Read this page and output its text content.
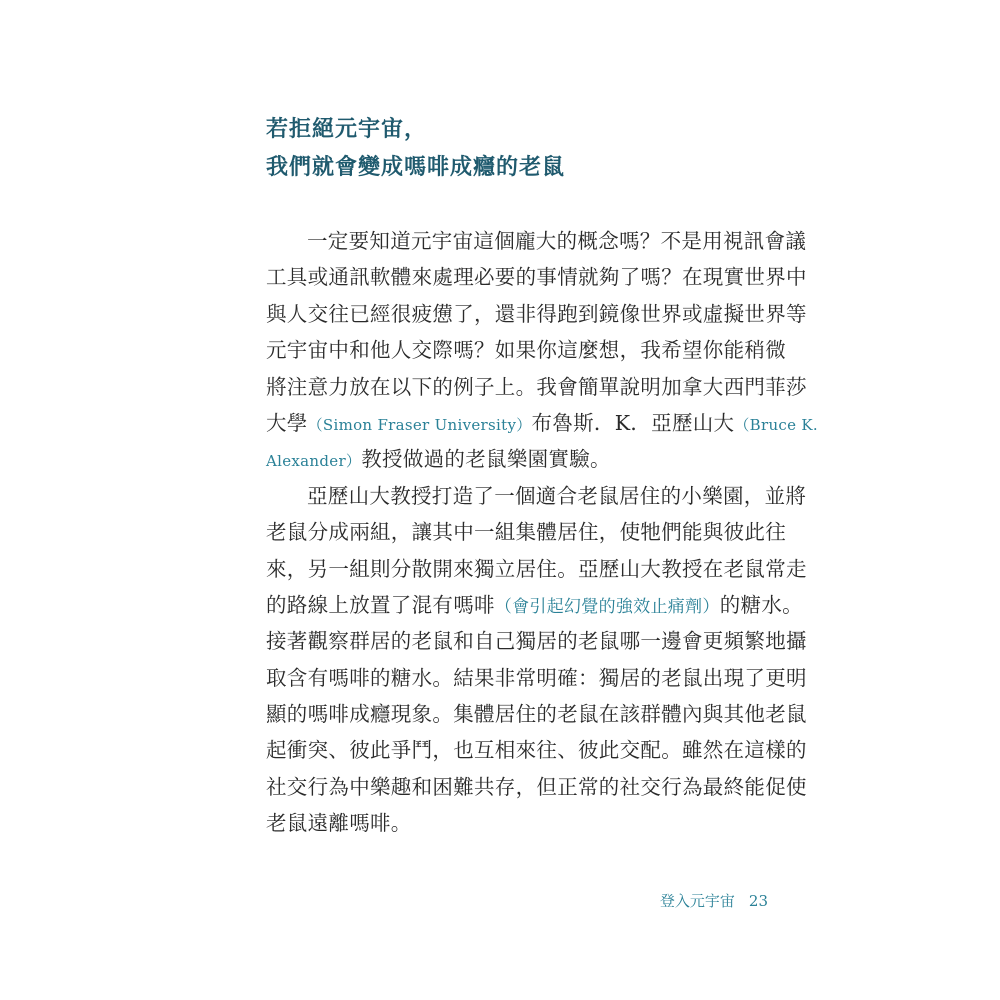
若拒絕元宇宙，
我們就會變成嗎啡成癮的老鼠
一定要知道元宇宙這個龐大的概念嗎？不是用視訊會議
工具或通訊軟體來處理必要的事情就夠了嗎？在現實世界中
與人交往已經很疲憊了，還非得跑到鏡像世界或虛擬世界等
元宇宙中和他人交際嗎？如果你這麼想，我希望你能稍微
將注意力放在以下的例子上。我會簡單說明加拿大西門菲莎
大學（Simon Fraser University）布魯斯．K．亞歷山大（Bruce K.
Alexander）教授做過的老鼠樂園實驗。
亞歷山大教授打造了一個適合老鼠居住的小樂園，並將
老鼠分成兩組，讓其中一組集體居住，使牠們能與彼此往
來，另一組則分散開來獨立居住。亞歷山大教授在老鼠常走
的路線上放置了混有嗎啡（會引起幻覺的強效止痛劑）的糖水。
接著觀察群居的老鼠和自己獨居的老鼠哪一邊會更頻繁地攝
取含有嗎啡的糖水。結果非常明確：獨居的老鼠出現了更明
顯的嗎啡成癮現象。集體居住的老鼠在該群體內與其他老鼠
起衝突、彼此爭鬥，也互相來往、彼此交配。雖然在這樣的
社交行為中樂趣和困難共存，但正常的社交行為最終能促使
老鼠遠離嗎啡。
登入元宇宙 23
